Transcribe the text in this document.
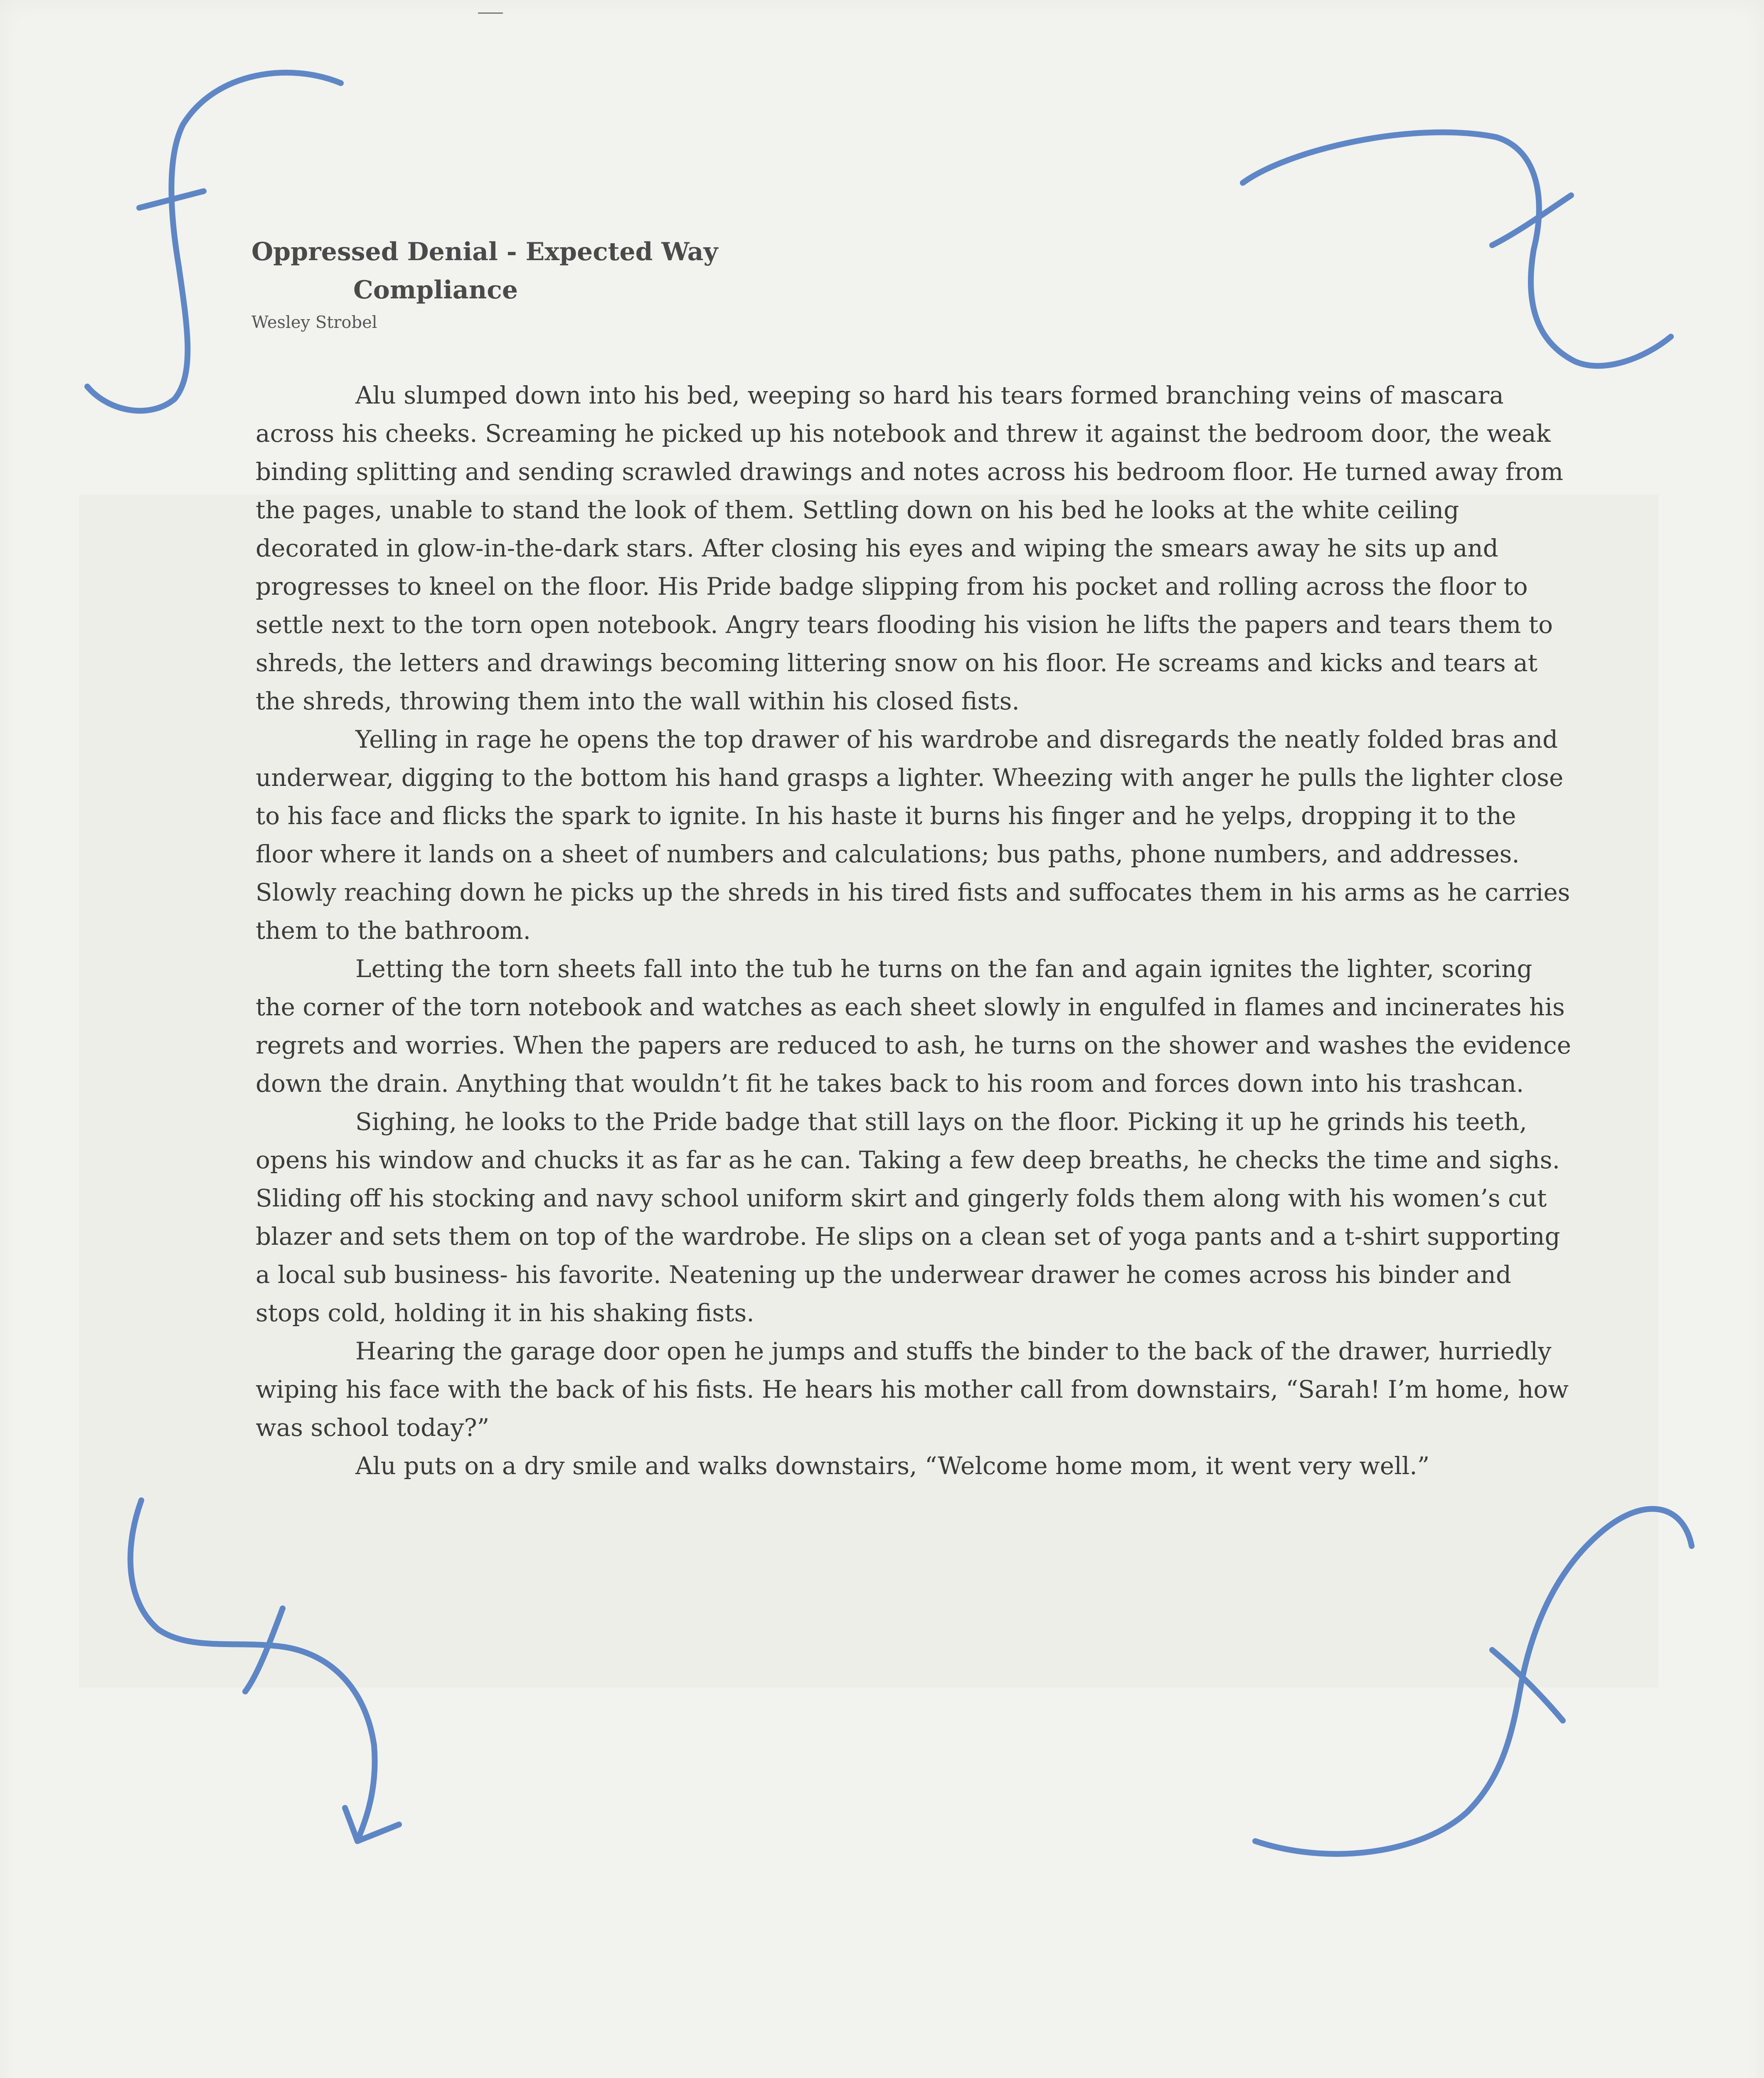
Oppressed Denial - Expected Way

Compliance

Wesley Strobel

Alu slumped down into his bed, weeping so hard his tears formed branching veins of mascara across his cheeks. Screaming he picked up his notebook and threw it against the bedroom door, the weak binding splitting and sending scrawled drawings and notes across his bedroom floor. He turned away from the pages, unable to stand the look of them. Settling down on his bed he looks at the white ceiling decorated in glow-in-the-dark stars. After closing his eyes and wiping the smears away he sits up and progresses to kneel on the floor. His Pride badge slipping from his pocket and rolling across the floor to settle next to the torn open notebook. Angry tears flooding his vision he lifts the papers and tears them to shreds, the letters and drawings becoming littering snow on his floor. He screams and kicks and tears at the shreds, throwing them into the wall within his closed fists.

Yelling in rage he opens the top drawer of his wardrobe and disregards the neatly folded bras and underwear, digging to the bottom his hand grasps a lighter. Wheezing with anger he pulls the lighter close to his face and flicks the spark to ignite. In his haste it burns his finger and he yelps, dropping it to the floor where it lands on a sheet of numbers and calculations; bus paths, phone numbers, and addresses. Slowly reaching down he picks up the shreds in his tired fists and suffocates them in his arms as he carries them to the bathroom.

Letting the torn sheets fall into the tub he turns on the fan and again ignites the lighter, scoring the corner of the torn notebook and watches as each sheet slowly in engulfed in flames and incinerates his regrets and worries. When the papers are reduced to ash, he turns on the shower and washes the evidence down the drain. Anything that wouldn’t fit he takes back to his room and forces down into his trashcan.

Sighing, he looks to the Pride badge that still lays on the floor. Picking it up he grinds his teeth, opens his window and chucks it as far as he can. Taking a few deep breaths, he checks the time and sighs. Sliding off his stocking and navy school uniform skirt and gingerly folds them along with his women’s cut blazer and sets them on top of the wardrobe. He slips on a clean set of yoga pants and a t-shirt supporting a local sub business- his favorite. Neatening up the underwear drawer he comes across his binder and stops cold, holding it in his shaking fists.

Hearing the garage door open he jumps and stuffs the binder to the back of the drawer, hurriedly wiping his face with the back of his fists. He hears his mother call from downstairs, “Sarah! I’m home, how was school today?”

Alu puts on a dry smile and walks downstairs, “Welcome home mom, it went very well.”
